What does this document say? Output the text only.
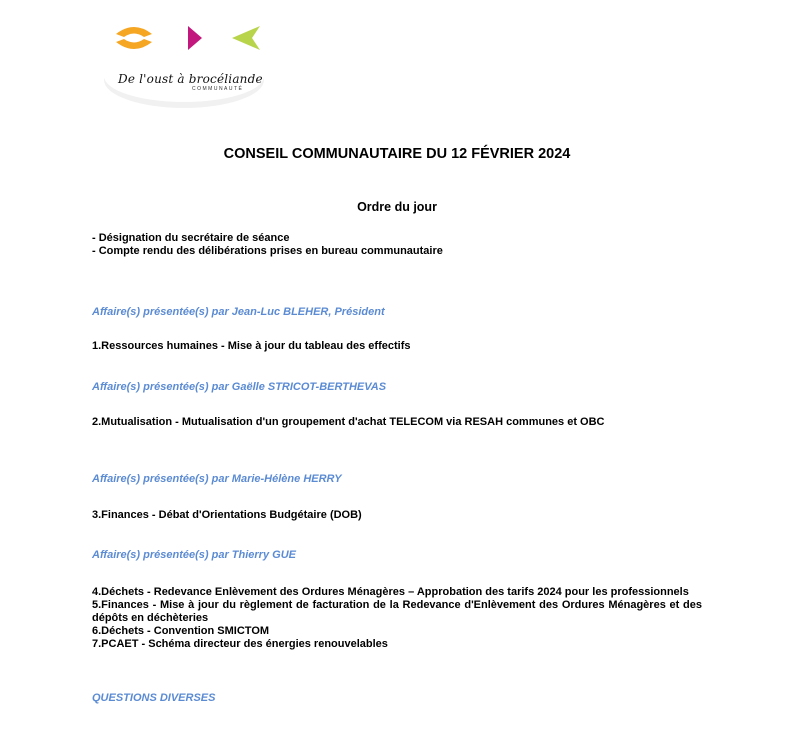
De l'oust à brocéliande
COMMUNAUTÉ
CONSEIL COMMUNAUTAIRE DU 12 FÉVRIER 2024
Ordre du jour
- Désignation du secrétaire de séance
- Compte rendu des délibérations prises en bureau communautaire
Affaire(s) présentée(s) par Jean-Luc BLEHER, Président
1.Ressources humaines - Mise à jour du tableau des effectifs
Affaire(s) présentée(s) par Gaëlle STRICOT-BERTHEVAS
2.Mutualisation - Mutualisation d'un groupement d'achat TELECOM via RESAH communes et OBC
Affaire(s) présentée(s) par Marie-Hélène HERRY
3.Finances - Débat d'Orientations Budgétaire (DOB)
Affaire(s) présentée(s) par Thierry GUE
4.Déchets - Redevance Enlèvement des Ordures Ménagères – Approbation des tarifs 2024 pour les professionnels
5.Finances - Mise à jour du règlement de facturation de la Redevance d'Enlèvement des Ordures Ménagères et des dépôts en déchèteries
6.Déchets - Convention SMICTOM
7.PCAET - Schéma directeur des énergies renouvelables
QUESTIONS DIVERSES
